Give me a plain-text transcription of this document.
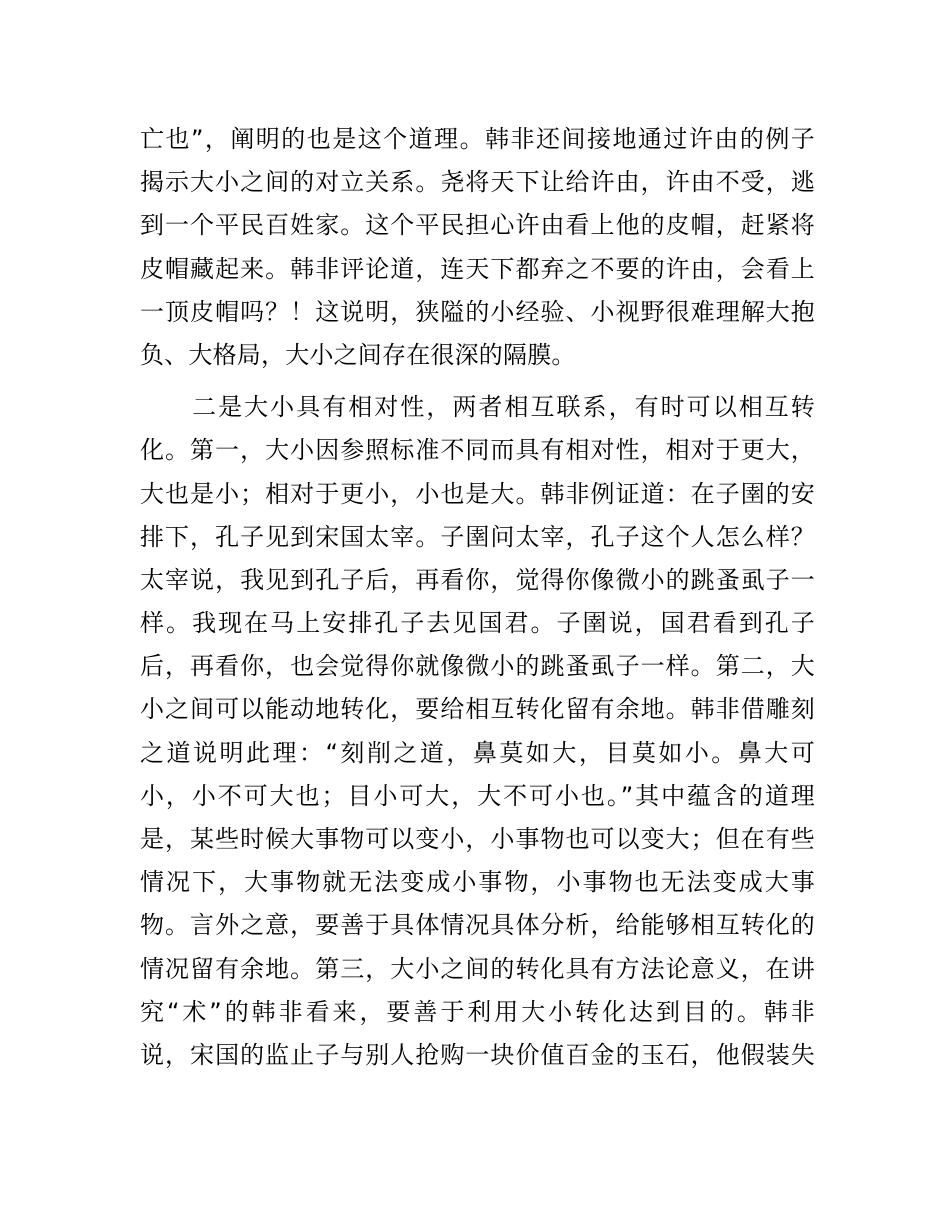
亡也”，阐明的也是这个道理。韩非还间接地通过许由的例子
揭示大小之间的对立关系。尧将天下让给许由，许由不受，逃
到一个平民百姓家。这个平民担心许由看上他的皮帽，赶紧将
皮帽藏起来。韩非评论道，连天下都弃之不要的许由，会看上
一顶皮帽吗？！这说明，狭隘的小经验、小视野很难理解大抱
负、大格局，大小之间存在很深的隔膜。
　　二是大小具有相对性，两者相互联系，有时可以相互转
化。第一，大小因参照标准不同而具有相对性，相对于更大，
大也是小；相对于更小，小也是大。韩非例证道：在子圉的安
排下，孔子见到宋国太宰。子圉问太宰，孔子这个人怎么样？
太宰说，我见到孔子后，再看你，觉得你像微小的跳蚤虱子一
样。我现在马上安排孔子去见国君。子圉说，国君看到孔子
后，再看你，也会觉得你就像微小的跳蚤虱子一样。第二，大
小之间可以能动地转化，要给相互转化留有余地。韩非借雕刻
之道说明此理：“刻削之道，鼻莫如大，目莫如小。鼻大可
小，小不可大也；目小可大，大不可小也。”其中蕴含的道理
是，某些时候大事物可以变小，小事物也可以变大；但在有些
情况下，大事物就无法变成小事物，小事物也无法变成大事
物。言外之意，要善于具体情况具体分析，给能够相互转化的
情况留有余地。第三，大小之间的转化具有方法论意义，在讲
究“术”的韩非看来，要善于利用大小转化达到目的。韩非
说，宋国的监止子与别人抢购一块价值百金的玉石，他假装失
